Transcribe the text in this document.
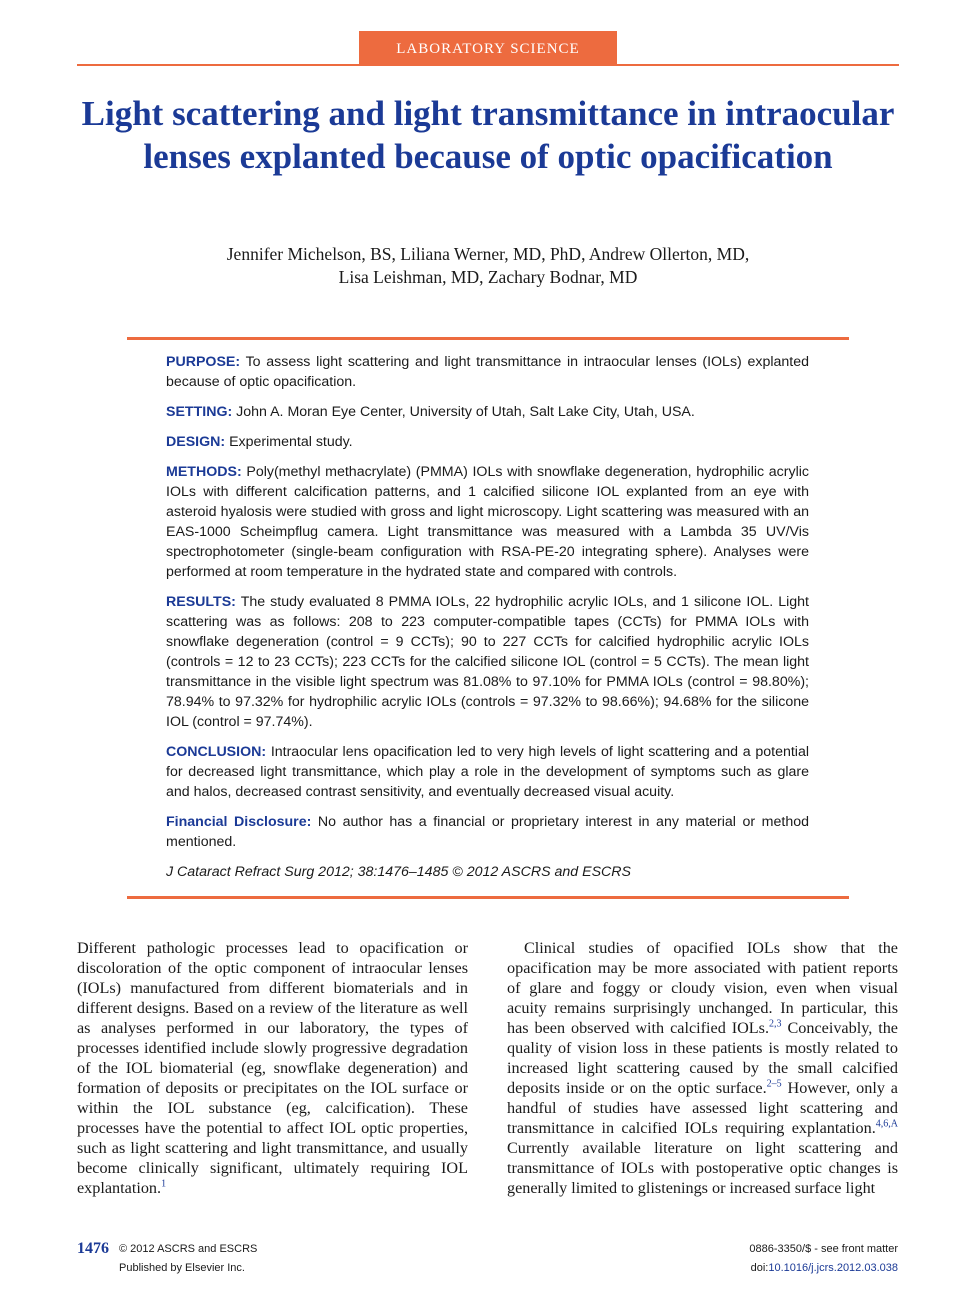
LABORATORY SCIENCE
Light scattering and light transmittance in intraocular lenses explanted because of optic opacification
Jennifer Michelson, BS, Liliana Werner, MD, PhD, Andrew Ollerton, MD,
Lisa Leishman, MD, Zachary Bodnar, MD

PURPOSE: To assess light scattering and light transmittance in intraocular lenses (IOLs) explanted because of optic opacification.

SETTING: John A. Moran Eye Center, University of Utah, Salt Lake City, Utah, USA.

DESIGN: Experimental study.

METHODS: Poly(methyl methacrylate) (PMMA) IOLs with snowflake degeneration, hydrophilic acrylic IOLs with different calcification patterns, and 1 calcified silicone IOL explanted from an eye with asteroid hyalosis were studied with gross and light microscopy. Light scattering was measured with an EAS-1000 Scheimpflug camera. Light transmittance was measured with a Lambda 35 UV/Vis spectrophotometer (single-beam configuration with RSA-PE-20 integrating sphere). Analyses were performed at room temperature in the hydrated state and compared with controls.

RESULTS: The study evaluated 8 PMMA IOLs, 22 hydrophilic acrylic IOLs, and 1 silicone IOL. Light scattering was as follows: 208 to 223 computer-compatible tapes (CCTs) for PMMA IOLs with snowflake degeneration (control = 9 CCTs); 90 to 227 CCTs for calcified hydrophilic acrylic IOLs (controls = 12 to 23 CCTs); 223 CCTs for the calcified silicone IOL (control = 5 CCTs). The mean light transmittance in the visible light spectrum was 81.08% to 97.10% for PMMA IOLs (control = 98.80%); 78.94% to 97.32% for hydrophilic acrylic IOLs (controls = 97.32% to 98.66%); 94.68% for the silicone IOL (control = 97.74%).

CONCLUSION: Intraocular lens opacification led to very high levels of light scattering and a potential for decreased light transmittance, which play a role in the development of symptoms such as glare and halos, decreased contrast sensitivity, and eventually decreased visual acuity.

Financial Disclosure: No author has a financial or proprietary interest in any material or method mentioned.

J Cataract Refract Surg 2012; 38:1476–1485 © 2012 ASCRS and ESCRS

Different pathologic processes lead to opacification or discoloration of the optic component of intraocular lenses (IOLs) manufactured from different biomaterials and in different designs. Based on a review of the literature as well as analyses performed in our laboratory, the types of processes identified include slowly progressive degradation of the IOL biomaterial (eg, snowflake degeneration) and formation of deposits or precipitates on the IOL surface or within the IOL substance (eg, calcification). These processes have the potential to affect IOL optic properties, such as light scattering and light transmittance, and usually become clinically significant, ultimately requiring IOL explantation.$^1$

Clinical studies of opacified IOLs show that the opacification may be more associated with patient reports of glare and foggy or cloudy vision, even when visual acuity remains surprisingly unchanged. In particular, this has been observed with calcified IOLs.$^{2,3}$ Conceivably, the quality of vision loss in these patients is mostly related to increased light scattering caused by the small calcified deposits inside or on the optic surface.$^{2-5}$ However, only a handful of studies have assessed light scattering and transmittance in calcified IOLs requiring explantation.$^{4,6,A}$ Currently available literature on light scattering and transmittance of IOLs with postoperative optic changes is generally limited to glistenings or increased surface light

1476 © 2012 ASCRS and ESCRS
Published by Elsevier Inc.
0886-3350/$ - see front matter
doi:10.1016/j.jcrs.2012.03.038
